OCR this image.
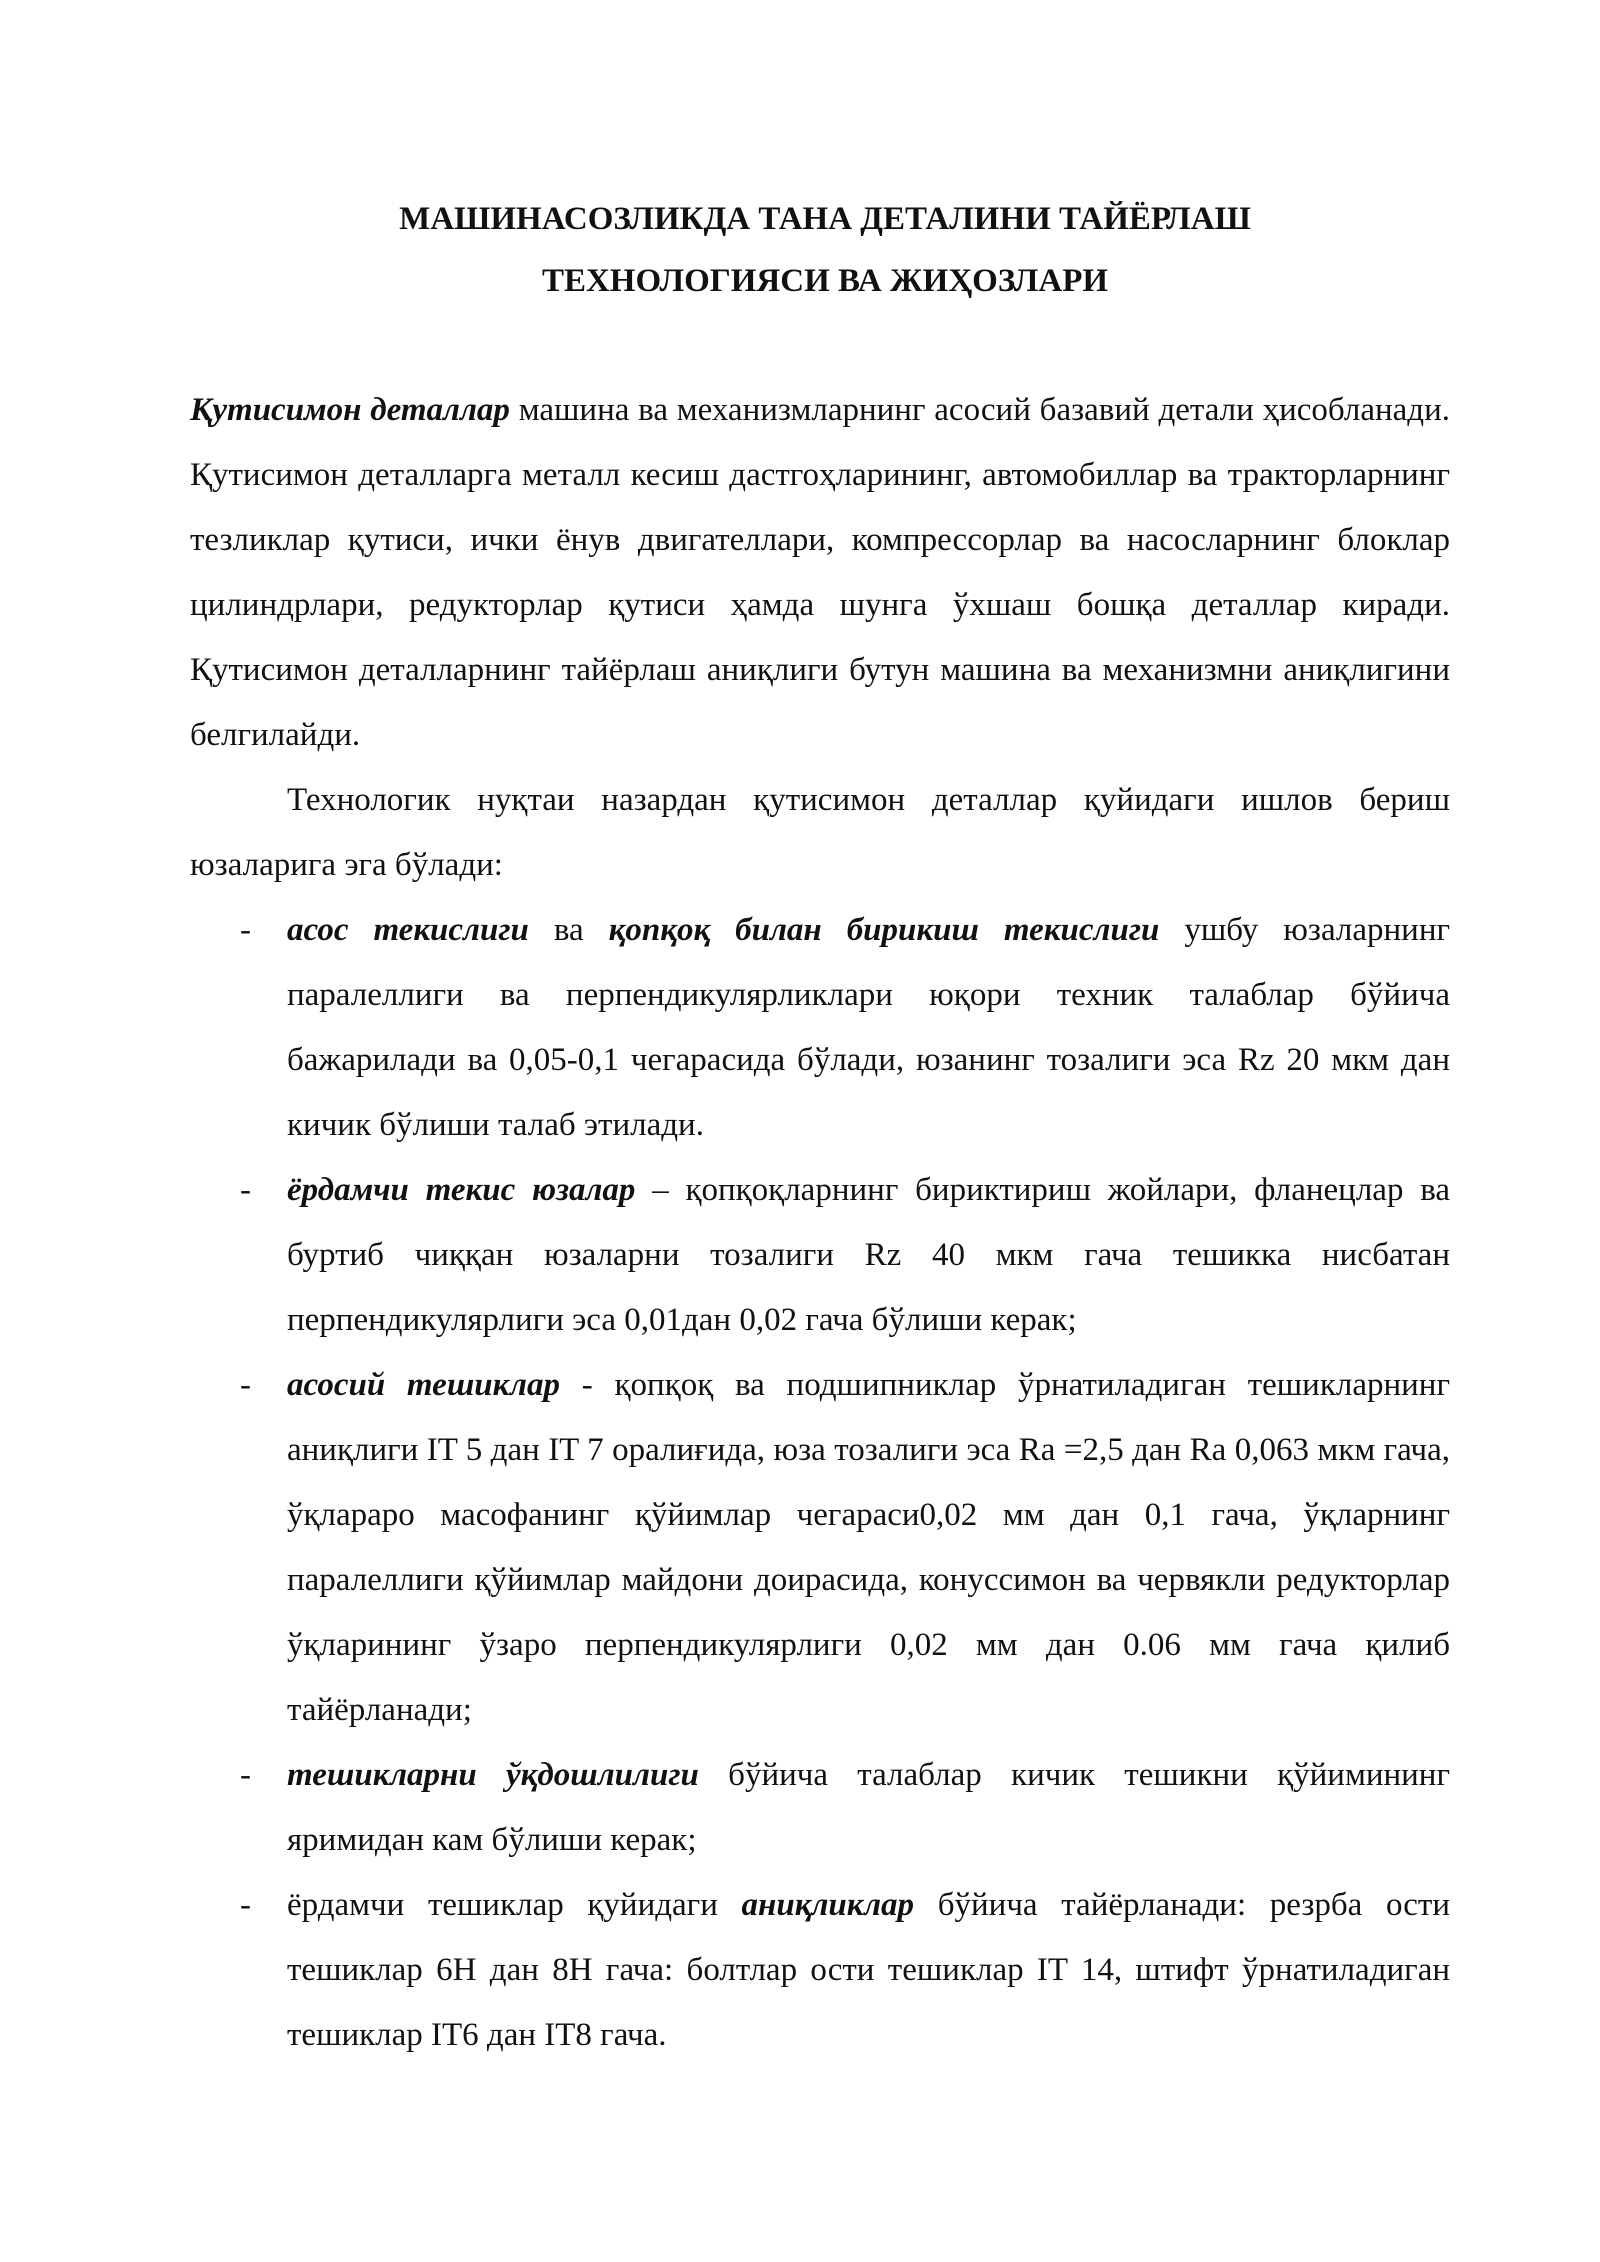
МАШИНАСОЗЛИКДА ТАНА ДЕТАЛИНИ ТАЙЁРЛАШ
ТЕХНОЛОГИЯСИ ВА ЖИҲОЗЛАРИ

Қутисимон деталлар машина ва механизмларнинг асосий базавий детали ҳисобланади. Қутисимон деталларга металл кесиш дастгоҳларининг, автомобиллар ва тракторларнинг тезликлар қутиси, ички ёнув двигателлари, компрессорлар ва насосларнинг блоклар цилиндрлари, редукторлар қутиси ҳамда шунга ўхшаш бошқа деталлар киради. Қутисимон деталларнинг тайёрлаш аниқлиги бутун машина ва механизмни аниқлигини белгилайди.

Технологик нуқтаи назардан қутисимон деталлар қуйидаги ишлов бериш юзаларига эга бўлади:

- асос текислиги ва қопқоқ билан бирикиш текислиги ушбу юзаларнинг паралеллиги ва перпендикулярликлари юқори техник талаблар бўйича бажарилади ва 0,05-0,1 чегарасида бўлади, юзанинг тозалиги эса Rz 20 мкм дан кичик бўлиши талаб этилади.
- ёрдамчи текис юзалар – қопқоқларнинг бириктириш жойлари, фланецлар ва буртиб чиққан юзаларни тозалиги Rz 40 мкм гача тешикка нисбатан перпендикулярлиги эса 0,01дан 0,02 гача бўлиши керак;
- асосий тешиклар - қопқоқ ва подшипниклар ўрнатиладиган тешикларнинг аниқлиги IT 5 дан IT 7 оралиғида, юза тозалиги эса Ra =2,5 дан Ra 0,063 мкм гача, ўқлараро масофанинг қўйимлар чегараси0,02 мм дан 0,1 гача, ўқларнинг паралеллиги қўйимлар майдони доирасида, конуссимон ва червякли редукторлар ўқларининг ўзаро перпендикулярлиги 0,02 мм дан 0.06 мм гача қилиб тайёрланади;
- тешикларни ўқдошлилиги бўйича талаблар кичик тешикни қўйимининг яримидан кам бўлиши керак;
- ёрдамчи тешиклар қуйидаги аниқликлар бўйича тайёрланади: резрба ости тешиклар 6H дан 8H гача: болтлар ости тешиклар IT 14, штифт ўрнатиладиган тешиклар IT6 дан IT8 гача.
